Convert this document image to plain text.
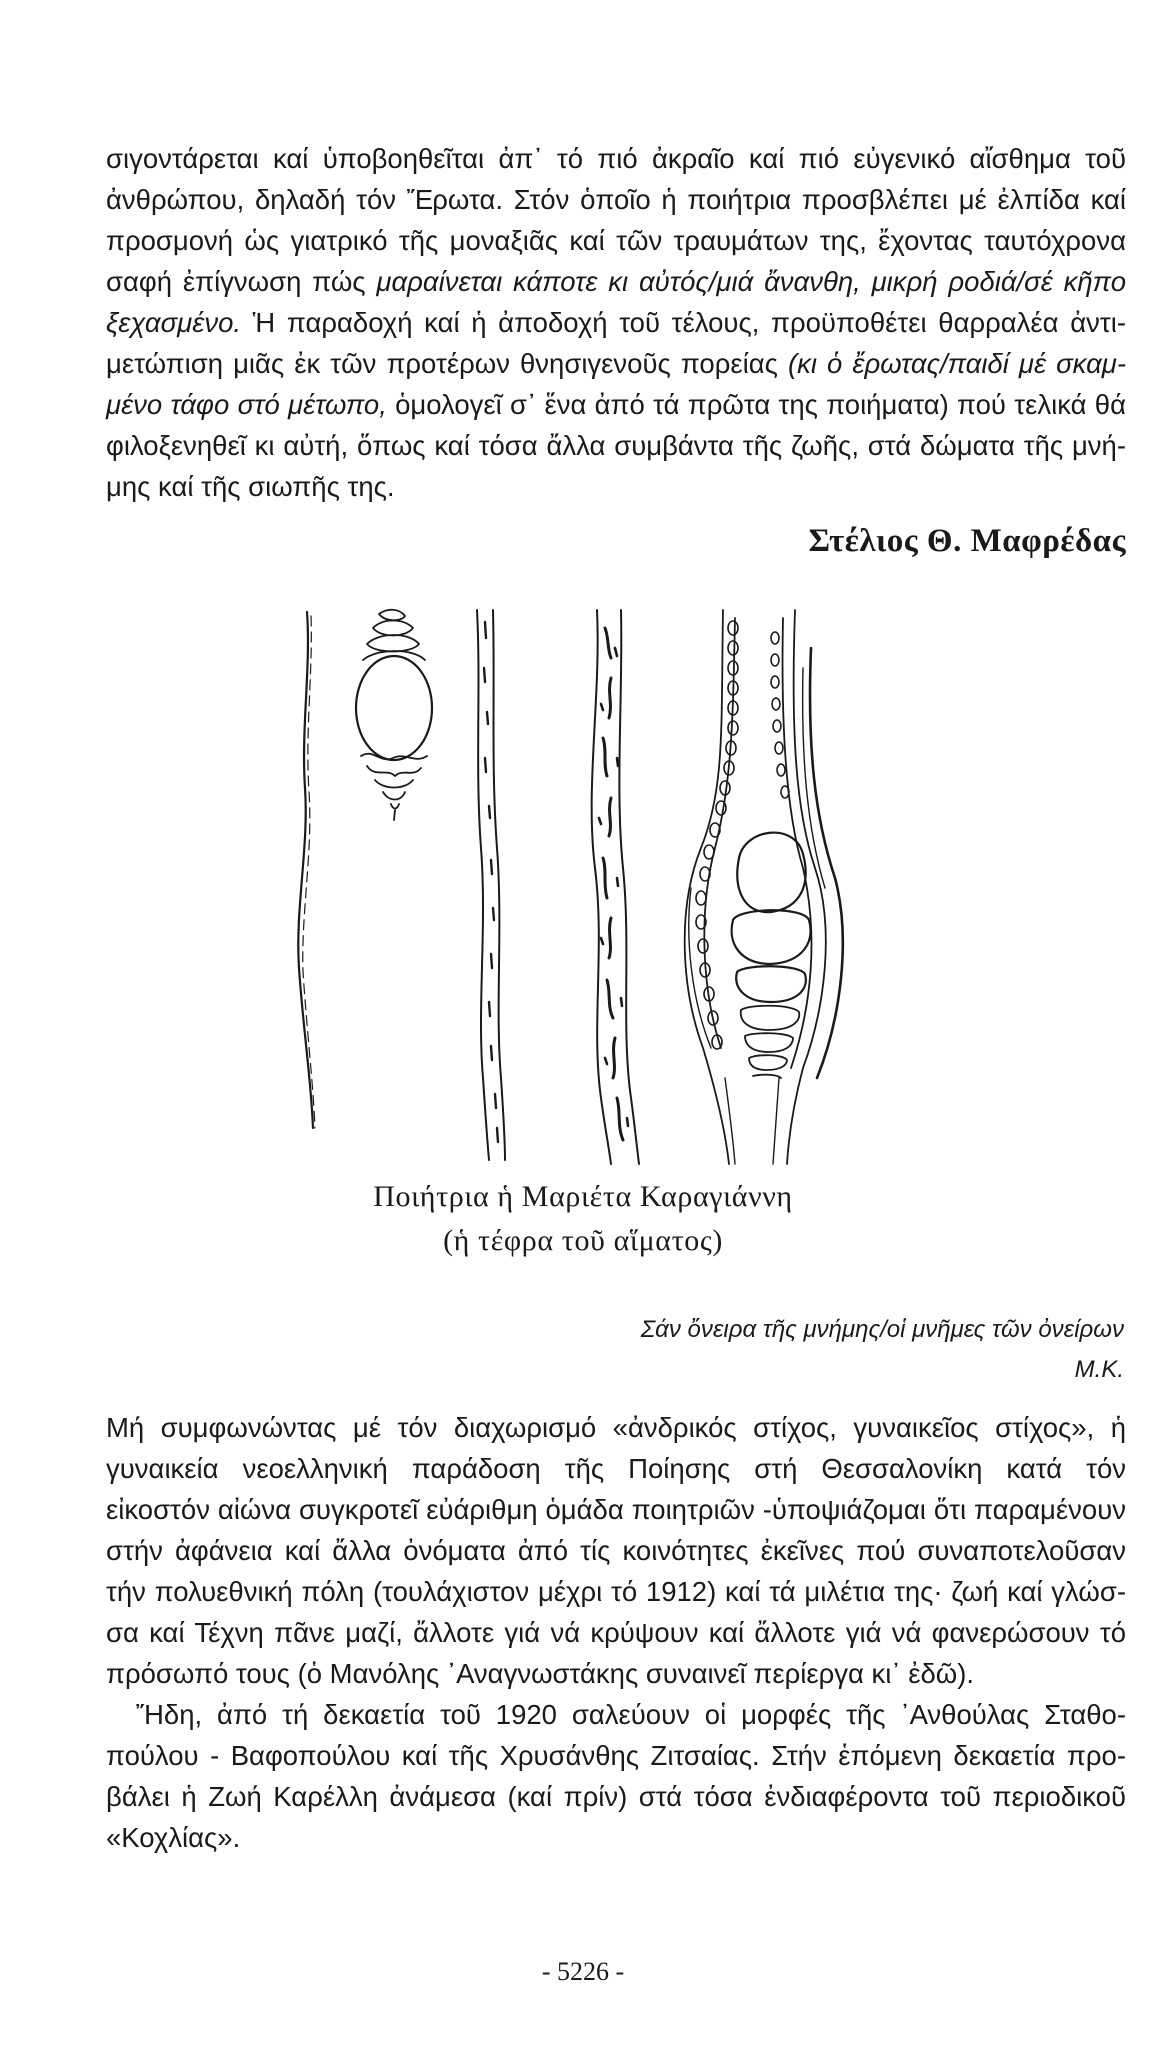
σιγοντάρεται καί ὑποβοηθεῖται ἀπ᾽ τό πιό ἀκραῖο καί πιό εὐγενικό αἴσθημα τοῦ
ἀνθρώπου, δηλαδή τόν Ἔρωτα. Στόν ὁποῖο ἡ ποιήτρια προσβλέπει μέ ἐλπίδα καί
προσμονή ὡς γιατρικό τῆς μοναξιᾶς καί τῶν τραυμάτων της, ἔχοντας ταυτόχρονα
σαφή ἐπίγνωση πώς μαραίνεται κάποτε κι αὐτός/μιά ἄνανθη, μικρή ροδιά/σέ κῆπο
ξεχασμένο. Ἡ παραδοχή καί ἡ ἀποδοχή τοῦ τέλους, προϋποθέτει θαρραλέα ἀντι-
μετώπιση μιᾶς ἐκ τῶν προτέρων θνησιγενοῦς πορείας (κι ὁ ἔρωτας/παιδί μέ σκαμ-
μένο τάφο στό μέτωπο, ὁμολογεῖ σ᾽ ἕνα ἀπό τά πρῶτα της ποιήματα) πού τελικά θά
φιλοξενηθεῖ κι αὐτή, ὅπως καί τόσα ἄλλα συμβάντα τῆς ζωῆς, στά δώματα τῆς μνή-
μης καί τῆς σιωπῆς της.
Στέλιος Θ. Μαφρέδας
Ποιήτρια ἡ Μαριέτα Καραγιάννη
(ἡ τέφρα τοῦ αἵματος)
Σάν ὄνειρα τῆς μνήμης/οἱ μνῆμες τῶν ὀνείρων
Μ.Κ.
Μή συμφωνώντας μέ τόν διαχωρισμό «ἀνδρικός στίχος, γυναικεῖος στίχος», ἡ
γυναικεία νεοελληνική παράδοση τῆς Ποίησης στή Θεσσαλονίκη κατά τόν
εἰκοστόν αἰώνα συγκροτεῖ εὐάριθμη ὁμάδα ποιητριῶν -ὑποψιάζομαι ὅτι παραμένουν
στήν ἀφάνεια καί ἄλλα ὀνόματα ἀπό τίς κοινότητες ἐκεῖνες πού συναποτελοῦσαν
τήν πολυεθνική πόλη (τουλάχιστον μέχρι τό 1912) καί τά μιλέτια της· ζωή καί γλώσ-
σα καί Τέχνη πᾶνε μαζί, ἄλλοτε γιά νά κρύψουν καί ἄλλοτε γιά νά φανερώσουν τό
πρόσωπό τους (ὁ Μανόλης ᾽Αναγνωστάκης συναινεῖ περίεργα κι᾽ ἐδῶ).
Ἤδη, ἀπό τή δεκαετία τοῦ 1920 σαλεύουν οἱ μορφές τῆς ᾽Ανθούλας Σταθο-
πούλου - Βαφοπούλου καί τῆς Χρυσάνθης Ζιτσαίας. Στήν ἑπόμενη δεκαετία προ-
βάλει ἡ Ζωή Καρέλλη ἀνάμεσα (καί πρίν) στά τόσα ἐνδιαφέροντα τοῦ περιοδικοῦ
«Κοχλίας».
- 5226 -
